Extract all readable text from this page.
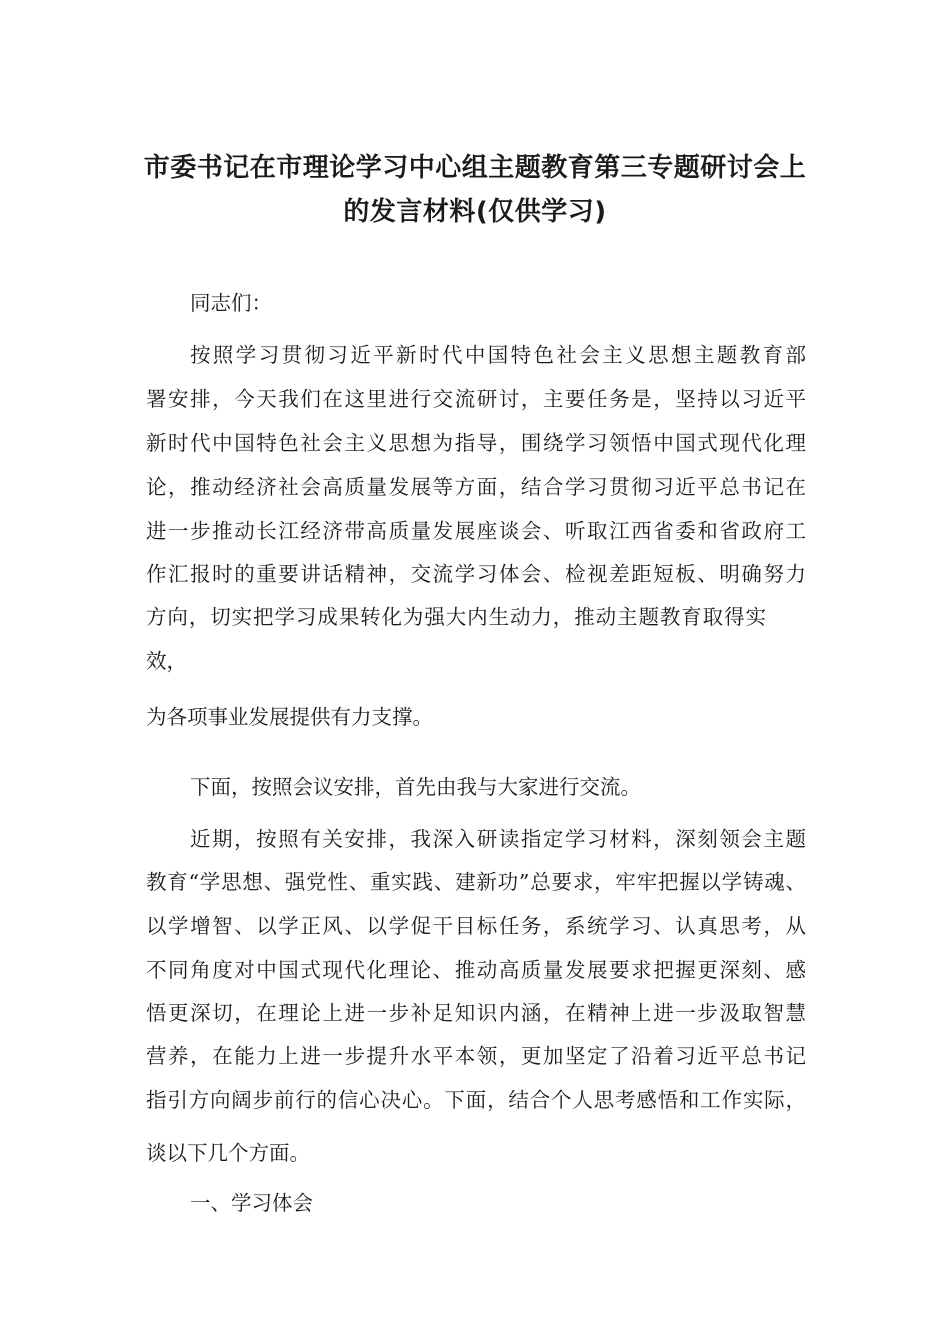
市委书记在市理论学习中心组主题教育第三专题研讨会上
的发言材料(仅供学习)

同志们：

按照学习贯彻习近平新时代中国特色社会主义思想主题教育部

署安排，今天我们在这里进行交流研讨，主要任务是，坚持以习近平

新时代中国特色社会主义思想为指导，围绕学习领悟中国式现代化理

论，推动经济社会高质量发展等方面，结合学习贯彻习近平总书记在

进一步推动长江经济带高质量发展座谈会、听取江西省委和省政府工

作汇报时的重要讲话精神，交流学习体会、检视差距短板、明确努力

方向，切实把学习成果转化为强大内生动力，推动主题教育取得实

效，

为各项事业发展提供有力支撑。

下面，按照会议安排，首先由我与大家进行交流。

近期，按照有关安排，我深入研读指定学习材料，深刻领会主题

教育“学思想、强党性、重实践、建新功”总要求，牢牢把握以学铸魂、

以学增智、以学正风、以学促干目标任务，系统学习、认真思考，从

不同角度对中国式现代化理论、推动高质量发展要求把握更深刻、感

悟更深切，在理论上进一步补足知识内涵，在精神上进一步汲取智慧

营养，在能力上进一步提升水平本领，更加坚定了沿着习近平总书记

指引方向阔步前行的信心决心。下面，结合个人思考感悟和工作实际，

谈以下几个方面。

一、学习体会
